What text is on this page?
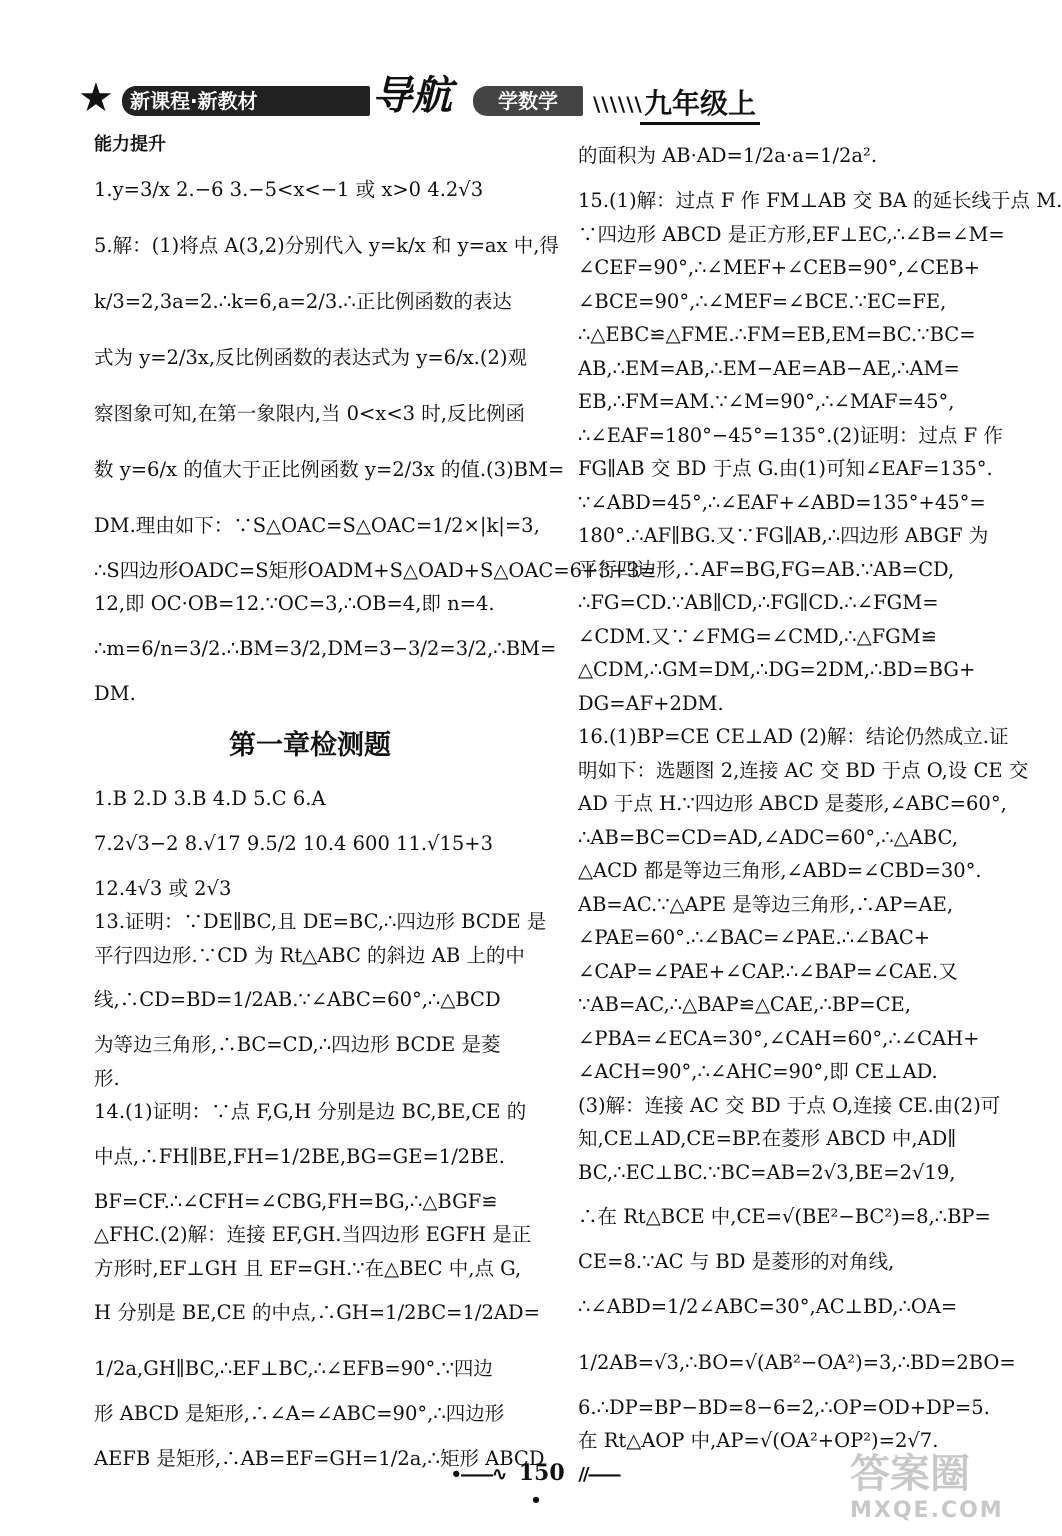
★ 新课程·新教材	导航	学数学	\\\\\\ 九年级上
能力提升
1.y=3/x 2.−6 3.−5<x<−1 或 x>0 4.2√3
5.解：(1)将点 A(3,2)分别代入 y=k/x 和 y=ax 中,得
k/3=2,3a=2.∴k=6,a=2/3.∴正比例函数的表达
式为 y=2/3x,反比例函数的表达式为 y=6/x.(2)观
察图象可知,在第一象限内,当 0<x<3 时,反比例函
数 y=6/x 的值大于正比例函数 y=2/3x 的值.(3)BM=
DM.理由如下：∵S△OAC=S△OAC=1/2×|k|=3,
∴S四边形OADC=S矩形OADM+S△OAD+S△OAC=6+3+3=
12,即 OC·OB=12.∵OC=3,∴OB=4,即 n=4.
∴m=6/n=3/2.∴BM=3/2,DM=3−3/2=3/2,∴BM=
DM.
第一章检测题
1.B 2.D 3.B 4.D 5.C 6.A
7.2√3−2 8.√17 9.5/2 10.4 600 11.√15+3
12.4√3 或 2√3
13.证明：∵DE∥BC,且 DE=BC,∴四边形 BCDE 是
平行四边形.∵CD 为 Rt△ABC 的斜边 AB 上的中
线,∴CD=BD=1/2AB.∵∠ABC=60°,∴△BCD
为等边三角形,∴BC=CD,∴四边形 BCDE 是菱
形.
14.(1)证明：∵点 F,G,H 分别是边 BC,BE,CE 的
中点,∴FH∥BE,FH=1/2BE,BG=GE=1/2BE.
BF=CF.∴∠CFH=∠CBG,FH=BG,∴△BGF≌
△FHC.(2)解：连接 EF,GH.当四边形 EGFH 是正
方形时,EF⊥GH 且 EF=GH.∵在△BEC 中,点 G,
H 分别是 BE,CE 的中点,∴GH=1/2BC=1/2AD=
1/2a,GH∥BC,∴EF⊥BC,∴∠EFB=90°.∵四边
形 ABCD 是矩形,∴∠A=∠ABC=90°,∴四边形
AEFB 是矩形,∴AB=EF=GH=1/2a,∴矩形 ABCD
的面积为 AB·AD=1/2a·a=1/2a².
15.(1)解：过点 F 作 FM⊥AB 交 BA 的延长线于点 M.
∵四边形 ABCD 是正方形,EF⊥EC,∴∠B=∠M=
∠CEF=90°,∴∠MEF+∠CEB=90°,∠CEB+
∠BCE=90°,∴∠MEF=∠BCE.∵EC=FE,
∴△EBC≌△FME.∴FM=EB,EM=BC.∵BC=
AB,∴EM=AB,∴EM−AE=AB−AE,∴AM=
EB,∴FM=AM.∵∠M=90°,∴∠MAF=45°,
∴∠EAF=180°−45°=135°.(2)证明：过点 F 作
FG∥AB 交 BD 于点 G.由(1)可知∠EAF=135°.
∵∠ABD=45°,∴∠EAF+∠ABD=135°+45°=
180°.∴AF∥BG.又∵FG∥AB,∴四边形 ABGF 为
平行四边形,∴AF=BG,FG=AB.∵AB=CD,
∴FG=CD.∵AB∥CD,∴FG∥CD.∴∠FGM=
∠CDM.又∵∠FMG=∠CMD,∴△FGM≌
△CDM,∴GM=DM,∴DG=2DM,∴BD=BG+
DG=AF+2DM.
16.(1)BP=CE CE⊥AD (2)解：结论仍然成立.证
明如下：选题图 2,连接 AC 交 BD 于点 O,设 CE 交
AD 于点 H.∵四边形 ABCD 是菱形,∠ABC=60°,
∴AB=BC=CD=AD,∠ADC=60°,∴△ABC,
△ACD 都是等边三角形,∠ABD=∠CBD=30°.
AB=AC.∵△APE 是等边三角形,∴AP=AE,
∠PAE=60°.∴∠BAC=∠PAE.∴∠BAC+
∠CAP=∠PAE+∠CAP.∴∠BAP=∠CAE.又
∵AB=AC,∴△BAP≌△CAE,∴BP=CE,
∠PBA=∠ECA=30°,∠CAH=60°,∴∠CAH+
∠ACH=90°,∴∠AHC=90°,即 CE⊥AD.
(3)解：连接 AC 交 BD 于点 O,连接 CE.由(2)可
知,CE⊥AD,CE=BP.在菱形 ABCD 中,AD∥
BC,∴EC⊥BC.∵BC=AB=2√3,BE=2√19,
∴在 Rt△BCE 中,CE=√(BE²−BC²)=8,∴BP=
CE=8.∵AC 与 BD 是菱形的对角线,
∴∠ABD=1/2∠ABC=30°,AC⊥BD,∴OA=
1/2AB=√3,∴BO=√(AB²−OA²)=3,∴BD=2BO=
6.∴DP=BP−BD=8−6=2,∴OP=OD+DP=5.
在 Rt△AOP 中,AP=√(OA²+OP²)=2√7.
•——∿ 150 //——•
答案圈
MXQE.COM
